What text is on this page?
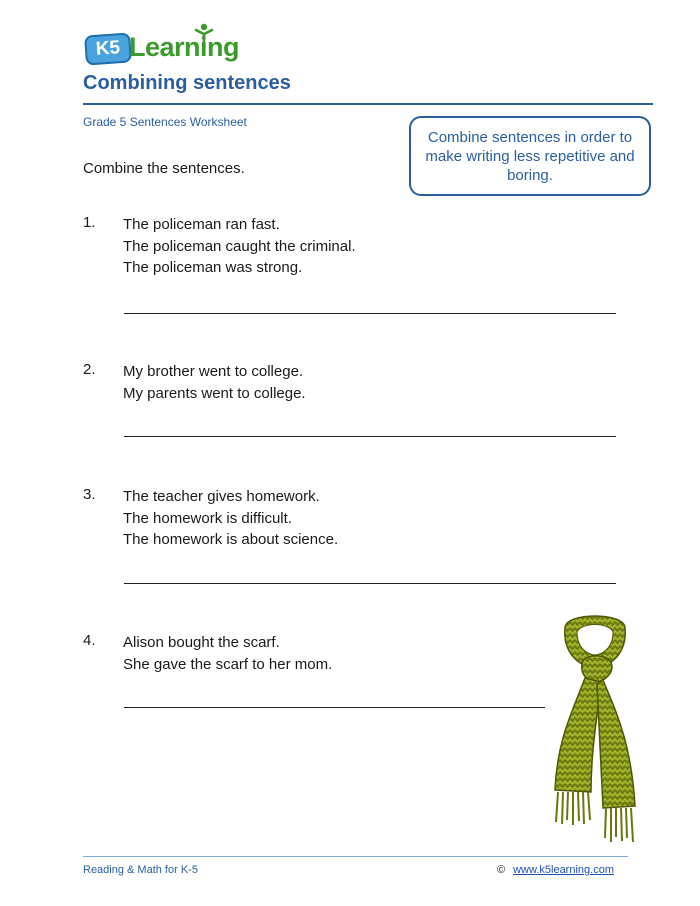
K5 Learning
Combining sentences
Grade 5 Sentences Worksheet
Combine sentences in order to make writing less repetitive and boring.
Combine the sentences.
1. The policeman ran fast.
The policeman caught the criminal.
The policeman was strong.
2. My brother went to college.
My parents went to college.
3. The teacher gives homework.
The homework is difficult.
The homework is about science.
4. Alison bought the scarf.
She gave the scarf to her mom.
Reading & Math for K-5	© www.k5learning.com
